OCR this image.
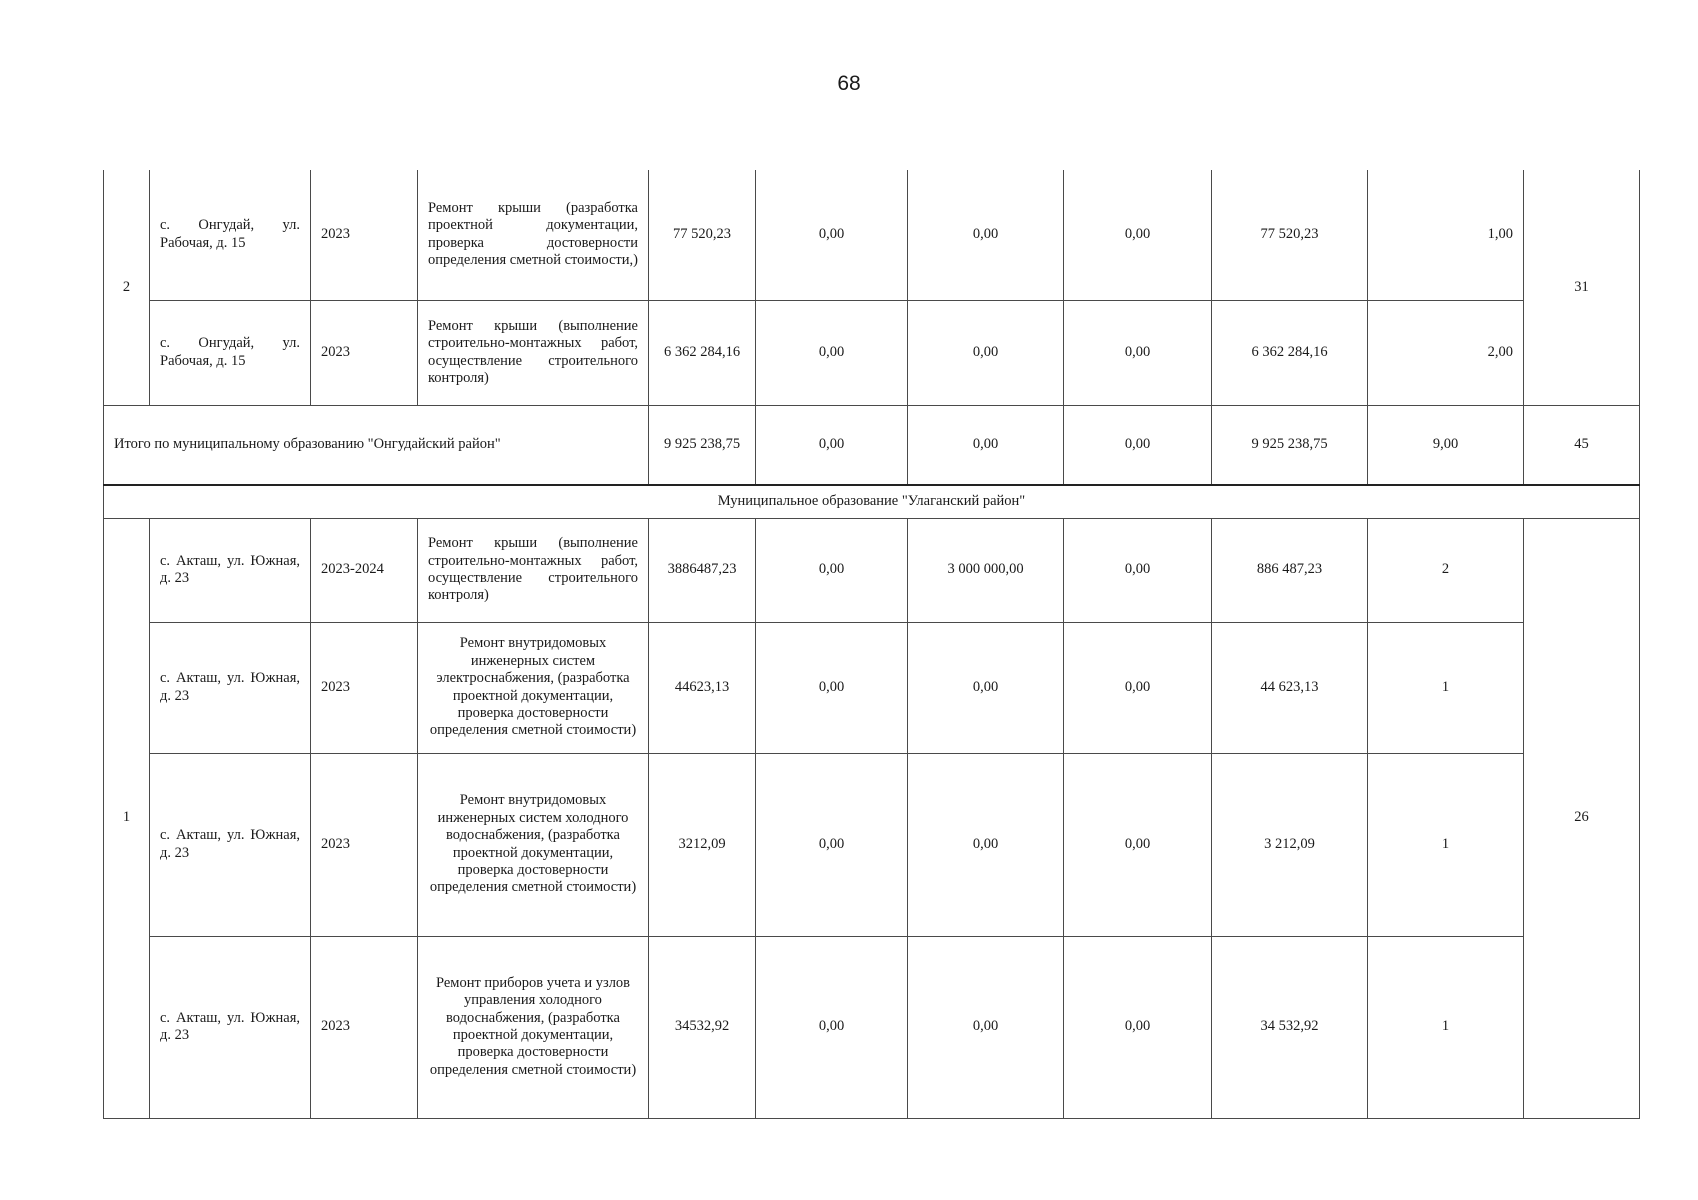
68
2	с. Онгудай, ул. Рабочая, д. 15	2023	Ремонт крыши (разработка проектной документации, проверка достоверности определения сметной стоимости,)	77 520,23	0,00	0,00	0,00	77 520,23	1,00	31
	с. Онгудай, ул. Рабочая, д. 15	2023	Ремонт крыши (выполнение строительно-монтажных работ, осуществление строительного контроля)	6 362 284,16	0,00	0,00	0,00	6 362 284,16	2,00	
Итого по муниципальному образованию "Онгудайский район"				9 925 238,75	0,00	0,00	0,00	9 925 238,75	9,00	45
Муниципальное образование "Улаганский район"										
1	с. Акташ, ул. Южная, д. 23	2023-2024	Ремонт крыши (выполнение строительно-монтажных работ, осуществление строительного контроля)	3886487,23	0,00	3 000 000,00	0,00	886 487,23	2	26
	с. Акташ, ул. Южная, д. 23	2023	Ремонт внутридомовых инженерных систем электроснабжения, (разработка проектной документации, проверка достоверности определения сметной стоимости)	44623,13	0,00	0,00	0,00	44 623,13	1	
	с. Акташ, ул. Южная, д. 23	2023	Ремонт внутридомовых инженерных систем холодного водоснабжения, (разработка проектной документации, проверка достоверности определения сметной стоимости)	3212,09	0,00	0,00	0,00	3 212,09	1	
	с. Акташ, ул. Южная, д. 23	2023	Ремонт приборов учета и узлов управления холодного водоснабжения, (разработка проектной документации, проверка достоверности определения сметной стоимости)	34532,92	0,00	0,00	0,00	34 532,92	1	
